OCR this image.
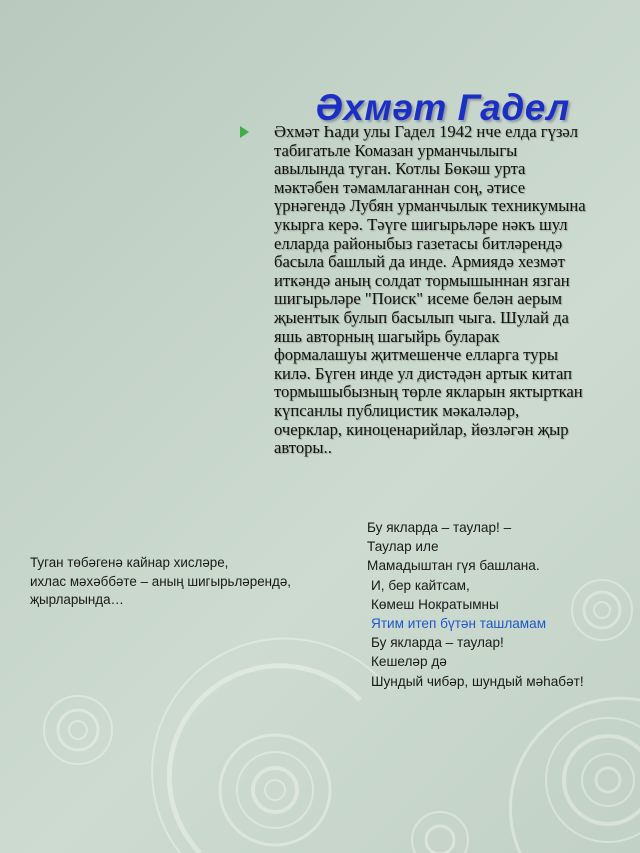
Әхмәт Гадел

Әхмәт Һади улы Гадел 1942 нче елда гүзәл
табигатьле Комазан урманчылыгы
авылында туган. Котлы Бөкәш урта
мәктәбен тәмамлаганнан соң, әтисе
үрнәгендә Лубян урманчылык техникумына
укырга керә. Тәүге шигырьләре нәкъ шул
елларда районыбыз газетасы битләрендә
басыла башлый да инде. Армиядә хезмәт
иткәндә аның солдат тормышыннан язган
шигырьләре "Поиск" исеме белән аерым
җыентык булып басылып чыга. Шулай да
яшь авторның шагыйрь буларак
формалашуы җитмешенче елларга туры
килә. Бүген инде ул дистәдән артык китап
тормышыбызның төрле якларын яктырткан
күпсанлы публицистик мәкаләләр,
очерклар, киноценарийлар, йөзләгән җыр
авторы..

Туган төбәгенә кайнар хисләре,
ихлас мәхәббәте – аның шигырьләрендә,
җырларында…
Бу якларда – таулар! –
Таулар иле
Мамадыштан гүя башлана.
И, бер кайтсам,
Көмеш Нократымны
Ятим итеп бүтән ташламам
Бу якларда – таулар!
Кешеләр дә
Шундый чибәр, шундый мәһабәт!
